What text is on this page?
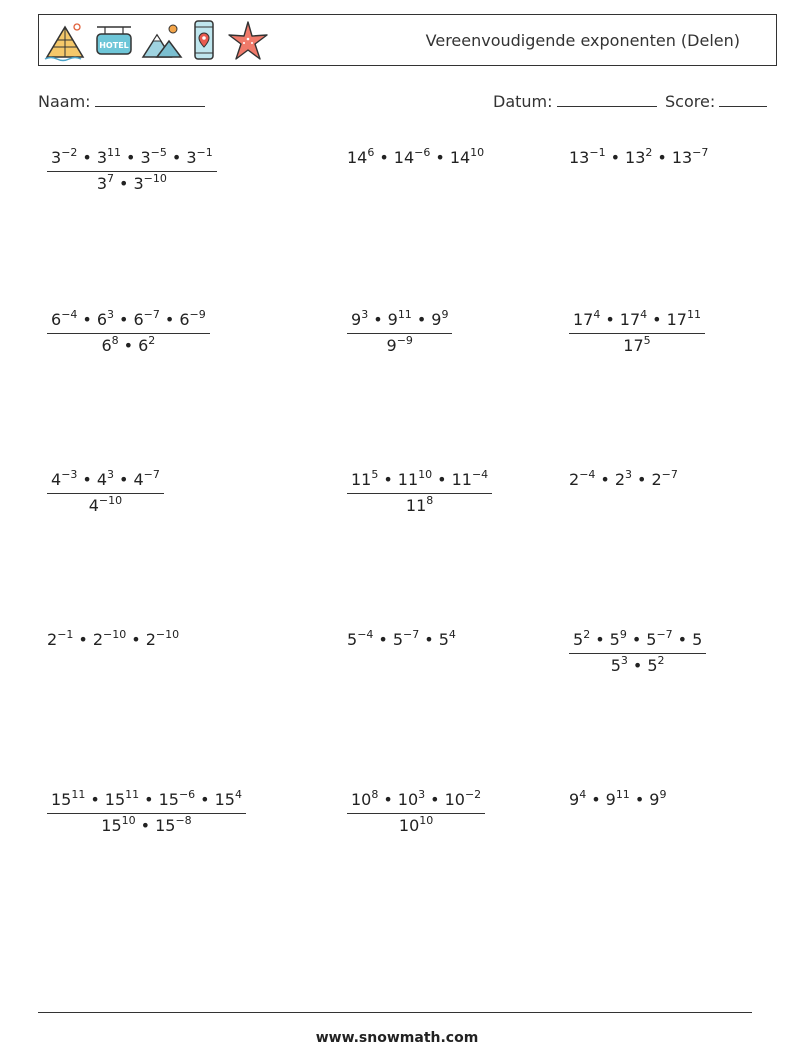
HOTEL	Vereenvoudigende exponenten (Delen)
Naam:	Datum:	Score:
$\frac{3^{-2} • 3^{11} • 3^{-5} • 3^{-1}}{3^7 • 3^{-10}}$	$14^6$ • $14^{-6}$ • $14^{10}$	$13^{-1}$ • $13^2$ • $13^{-7}$
$\frac{6^{-4} • 6^3 • 6^{-7} • 6^{-9}}{6^8 • 6^2}$	$\frac{9^3 • 9^{11} • 9^9}{9^{-9}}$	$\frac{17^4 • 17^4 • 17^{11}}{17^5}$
$\frac{4^{-3} • 4^3 • 4^{-7}}{4^{-10}}$	$\frac{11^5 • 11^{10} • 11^{-4}}{11^8}$	$2^{-4}$ • $2^3$ • $2^{-7}$
$2^{-1}$ • $2^{-10}$ • $2^{-10}$	$5^{-4}$ • $5^{-7}$ • $5^4$	$\frac{5^2 • 5^9 • 5^{-7} • 5}{5^3 • 5^2}$
$\frac{15^{11} • 15^{11} • 15^{-6} • 15^4}{15^{10} • 15^{-8}}$	$\frac{10^8 • 10^3 • 10^{-2}}{10^{10}}$	$9^4$ • $9^{11}$ • $9^9$
www.snowmath.com
